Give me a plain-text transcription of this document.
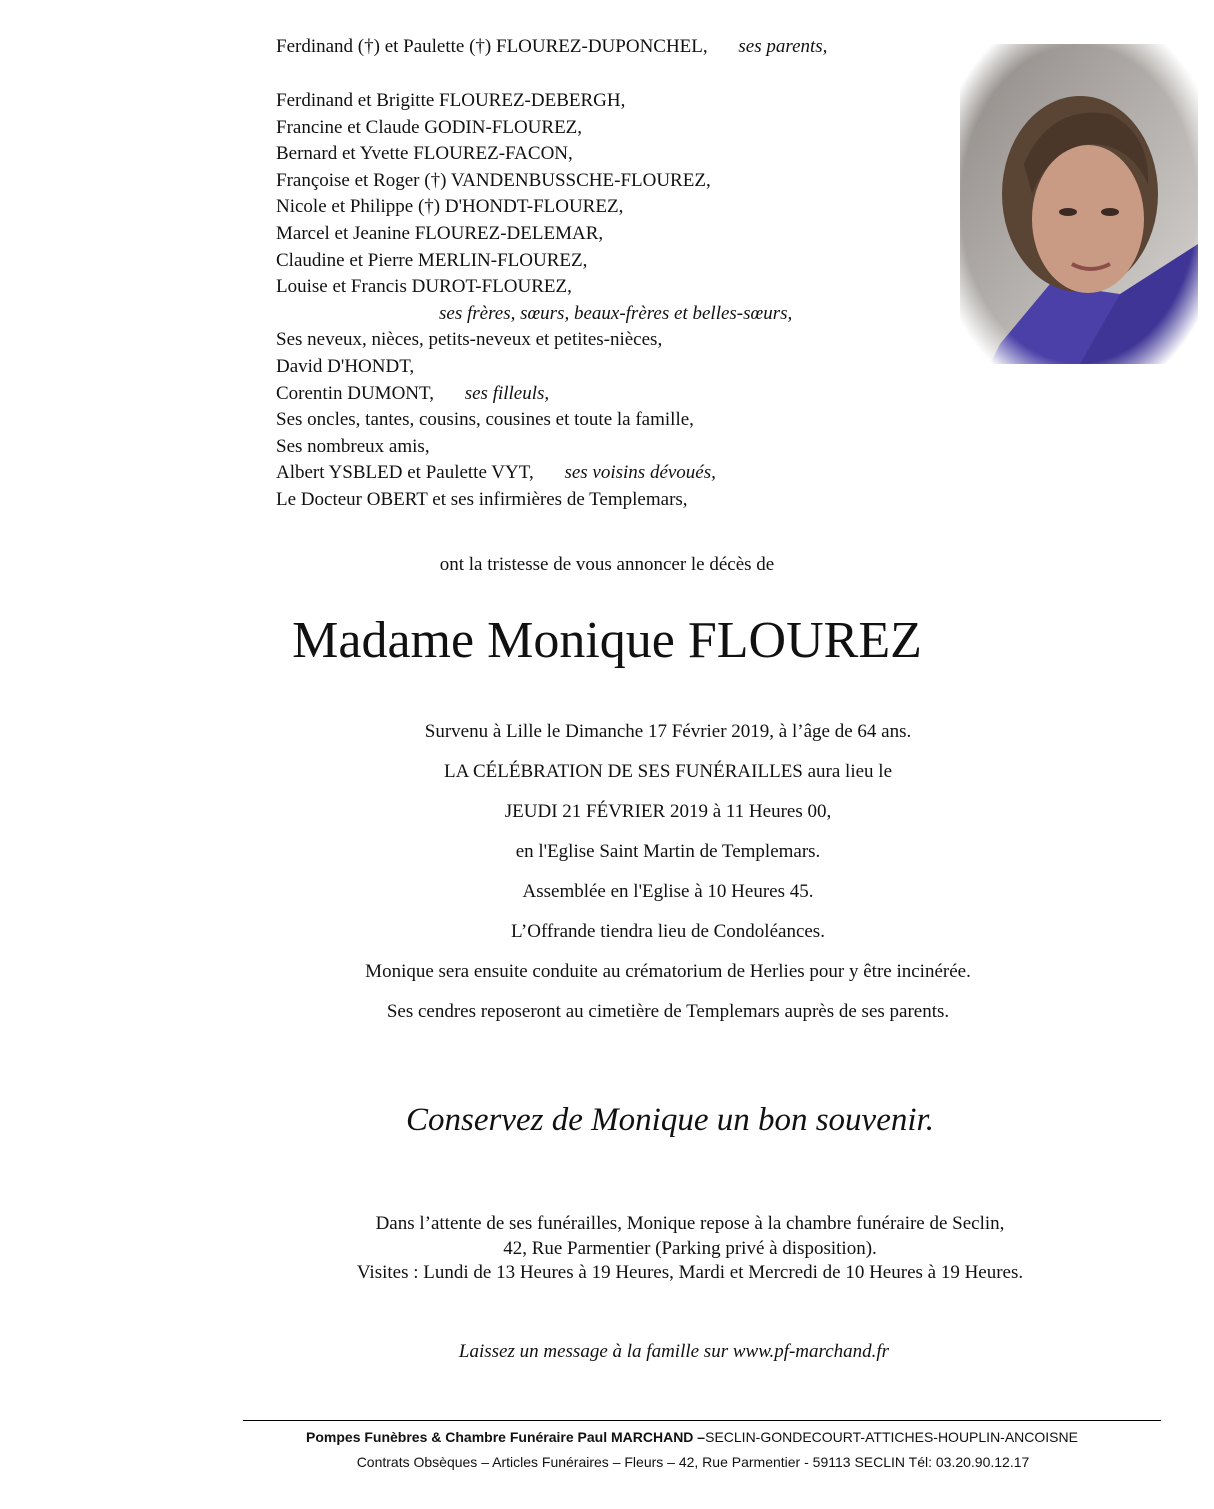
Ferdinand (†) et Paulette (†) FLOUREZ-DUPONCHEL, ses parents,
Ferdinand et Brigitte FLOUREZ-DEBERGH,
Francine et Claude GODIN-FLOUREZ,
Bernard et Yvette FLOUREZ-FACON,
Françoise et Roger (†) VANDENBUSSCHE-FLOUREZ,
Nicole et Philippe (†) D'HONDT-FLOUREZ,
Marcel et Jeanine FLOUREZ-DELEMAR,
Claudine et Pierre MERLIN-FLOUREZ,
Louise et Francis DUROT-FLOUREZ,
ses frères, sœurs, beaux-frères et belles-sœurs,
Ses neveux, nièces, petits-neveux et petites-nièces,
David D'HONDT,
Corentin DUMONT, ses filleuls,
Ses oncles, tantes, cousins, cousines et toute la famille,
Ses nombreux amis,
Albert YSBLED et Paulette VYT, ses voisins dévoués,
Le Docteur OBERT et ses infirmières de Templemars,
ont la tristesse de vous annoncer le décès de
Madame Monique FLOUREZ
Survenu à Lille le Dimanche 17 Février 2019, à l’âge de 64 ans.
LA CÉLÉBRATION DE SES FUNÉRAILLES aura lieu le
JEUDI 21 FÉVRIER 2019 à 11 Heures 00,
en l'Eglise Saint Martin de Templemars.
Assemblée en l'Eglise à 10 Heures 45.
L’Offrande tiendra lieu de Condoléances.
Monique sera ensuite conduite au crématorium de Herlies pour y être incinérée.
Ses cendres reposeront au cimetière de Templemars auprès de ses parents.
Conservez de Monique un bon souvenir.
Dans l’attente de ses funérailles, Monique repose à la chambre funéraire de Seclin,
42, Rue Parmentier (Parking privé à disposition).
Visites : Lundi de 13 Heures à 19 Heures, Mardi et Mercredi de 10 Heures à 19 Heures.
Laissez un message à la famille sur www.pf-marchand.fr
Pompes Funèbres & Chambre Funéraire Paul MARCHAND –SECLIN-GONDECOURT-ATTICHES-HOUPLIN-ANCOISNE
Contrats Obsèques – Articles Funéraires – Fleurs – 42, Rue Parmentier - 59113 SECLIN Tél: 03.20.90.12.17
